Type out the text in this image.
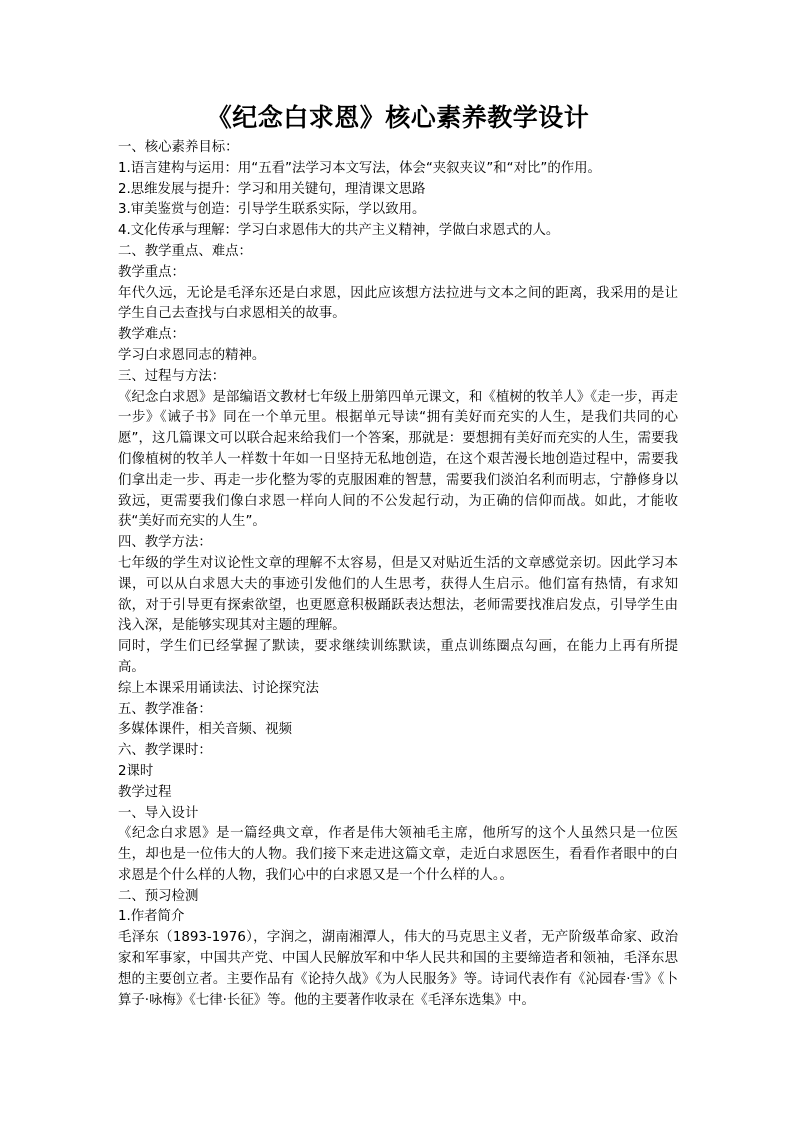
《纪念白求恩》核心素养教学设计

一、核心素养目标：

1.语言建构与运用：用“五看”法学习本文写法，体会“夹叙夹议”和“对比”的作用。

2.思维发展与提升：学习和用关键句，理清课文思路

3.审美鉴赏与创造：引导学生联系实际，学以致用。

4.文化传承与理解：学习白求恩伟大的共产主义精神，学做白求恩式的人。

二、教学重点、难点：

教学重点：

年代久远，无论是毛泽东还是白求恩，因此应该想方法拉进与文本之间的距离，我采用的是让学生自己去查找与白求恩相关的故事。

教学难点：

学习白求恩同志的精神。

三、过程与方法：

《纪念白求恩》是部编语文教材七年级上册第四单元课文，和《植树的牧羊人》《走一步，再走一步》《诫子书》同在一个单元里。根据单元导读“拥有美好而充实的人生，是我们共同的心愿”，这几篇课文可以联合起来给我们一个答案，那就是：要想拥有美好而充实的人生，需要我们像植树的牧羊人一样数十年如一日坚持无私地创造，在这个艰苦漫长地创造过程中，需要我们拿出走一步、再走一步化整为零的克服困难的智慧，需要我们淡泊名利而明志，宁静修身以致远，更需要我们像白求恩一样向人间的不公发起行动，为正确的信仰而战。如此，才能收获“美好而充实的人生”。

四、教学方法：

七年级的学生对议论性文章的理解不太容易，但是又对贴近生活的文章感觉亲切。因此学习本课，可以从白求恩大夫的事迹引发他们的人生思考，获得人生启示。他们富有热情，有求知欲，对于引导更有探索欲望，也更愿意积极踊跃表达想法，老师需要找准启发点，引导学生由浅入深，是能够实现其对主题的理解。

同时，学生们已经掌握了默读，要求继续训练默读，重点训练圈点勾画，在能力上再有所提高。

综上本课采用诵读法、讨论探究法

五、教学准备：

多媒体课件，相关音频、视频

六、教学课时：

2课时

教学过程

一、导入设计

《纪念白求恩》是一篇经典文章，作者是伟大领袖毛主席，他所写的这个人虽然只是一位医生，却也是一位伟大的人物。我们接下来走进这篇文章，走近白求恩医生，看看作者眼中的白求恩是个什么样的人物，我们心中的白求恩又是一个什么样的人。。

二、预习检测

1.作者简介

毛泽东（1893-1976），字润之，湖南湘潭人，伟大的马克思主义者，无产阶级革命家、政治家和军事家，中国共产党、中国人民解放军和中华人民共和国的主要缔造者和领袖，毛泽东思想的主要创立者。主要作品有《论持久战》《为人民服务》等。诗词代表作有《沁园春·雪》《卜算子·咏梅》《七律·长征》等。他的主要著作收录在《毛泽东选集》中。
